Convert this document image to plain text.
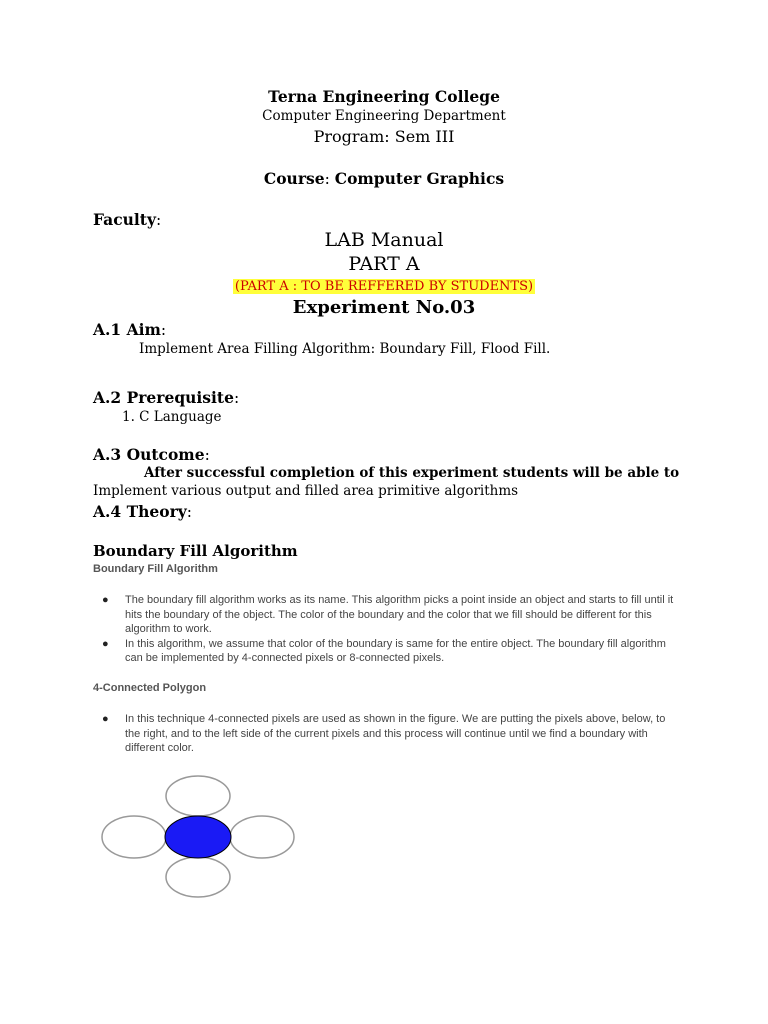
Terna Engineering College
Computer Engineering Department
Program: Sem III
Course: Computer Graphics
Faculty:
LAB Manual
PART A
(PART A : TO BE REFFERED BY STUDENTS)
Experiment No.03
A.1 Aim:
Implement Area Filling Algorithm: Boundary Fill, Flood Fill.
A.2 Prerequisite:
1. C Language
A.3 Outcome:
After successful completion of this experiment students will be able to
Implement various output and filled area primitive algorithms
A.4 Theory:
Boundary Fill Algorithm
Boundary Fill Algorithm
● The boundary fill algorithm works as its name. This algorithm picks a point inside an object and starts to fill until it hits the boundary of the object. The color of the boundary and the color that we fill should be different for this algorithm to work.
● In this algorithm, we assume that color of the boundary is same for the entire object. The boundary fill algorithm can be implemented by 4-connected pixels or 8-connected pixels.
4-Connected Polygon
● In this technique 4-connected pixels are used as shown in the figure. We are putting the pixels above, below, to the right, and to the left side of the current pixels and this process will continue until we find a boundary with different color.
